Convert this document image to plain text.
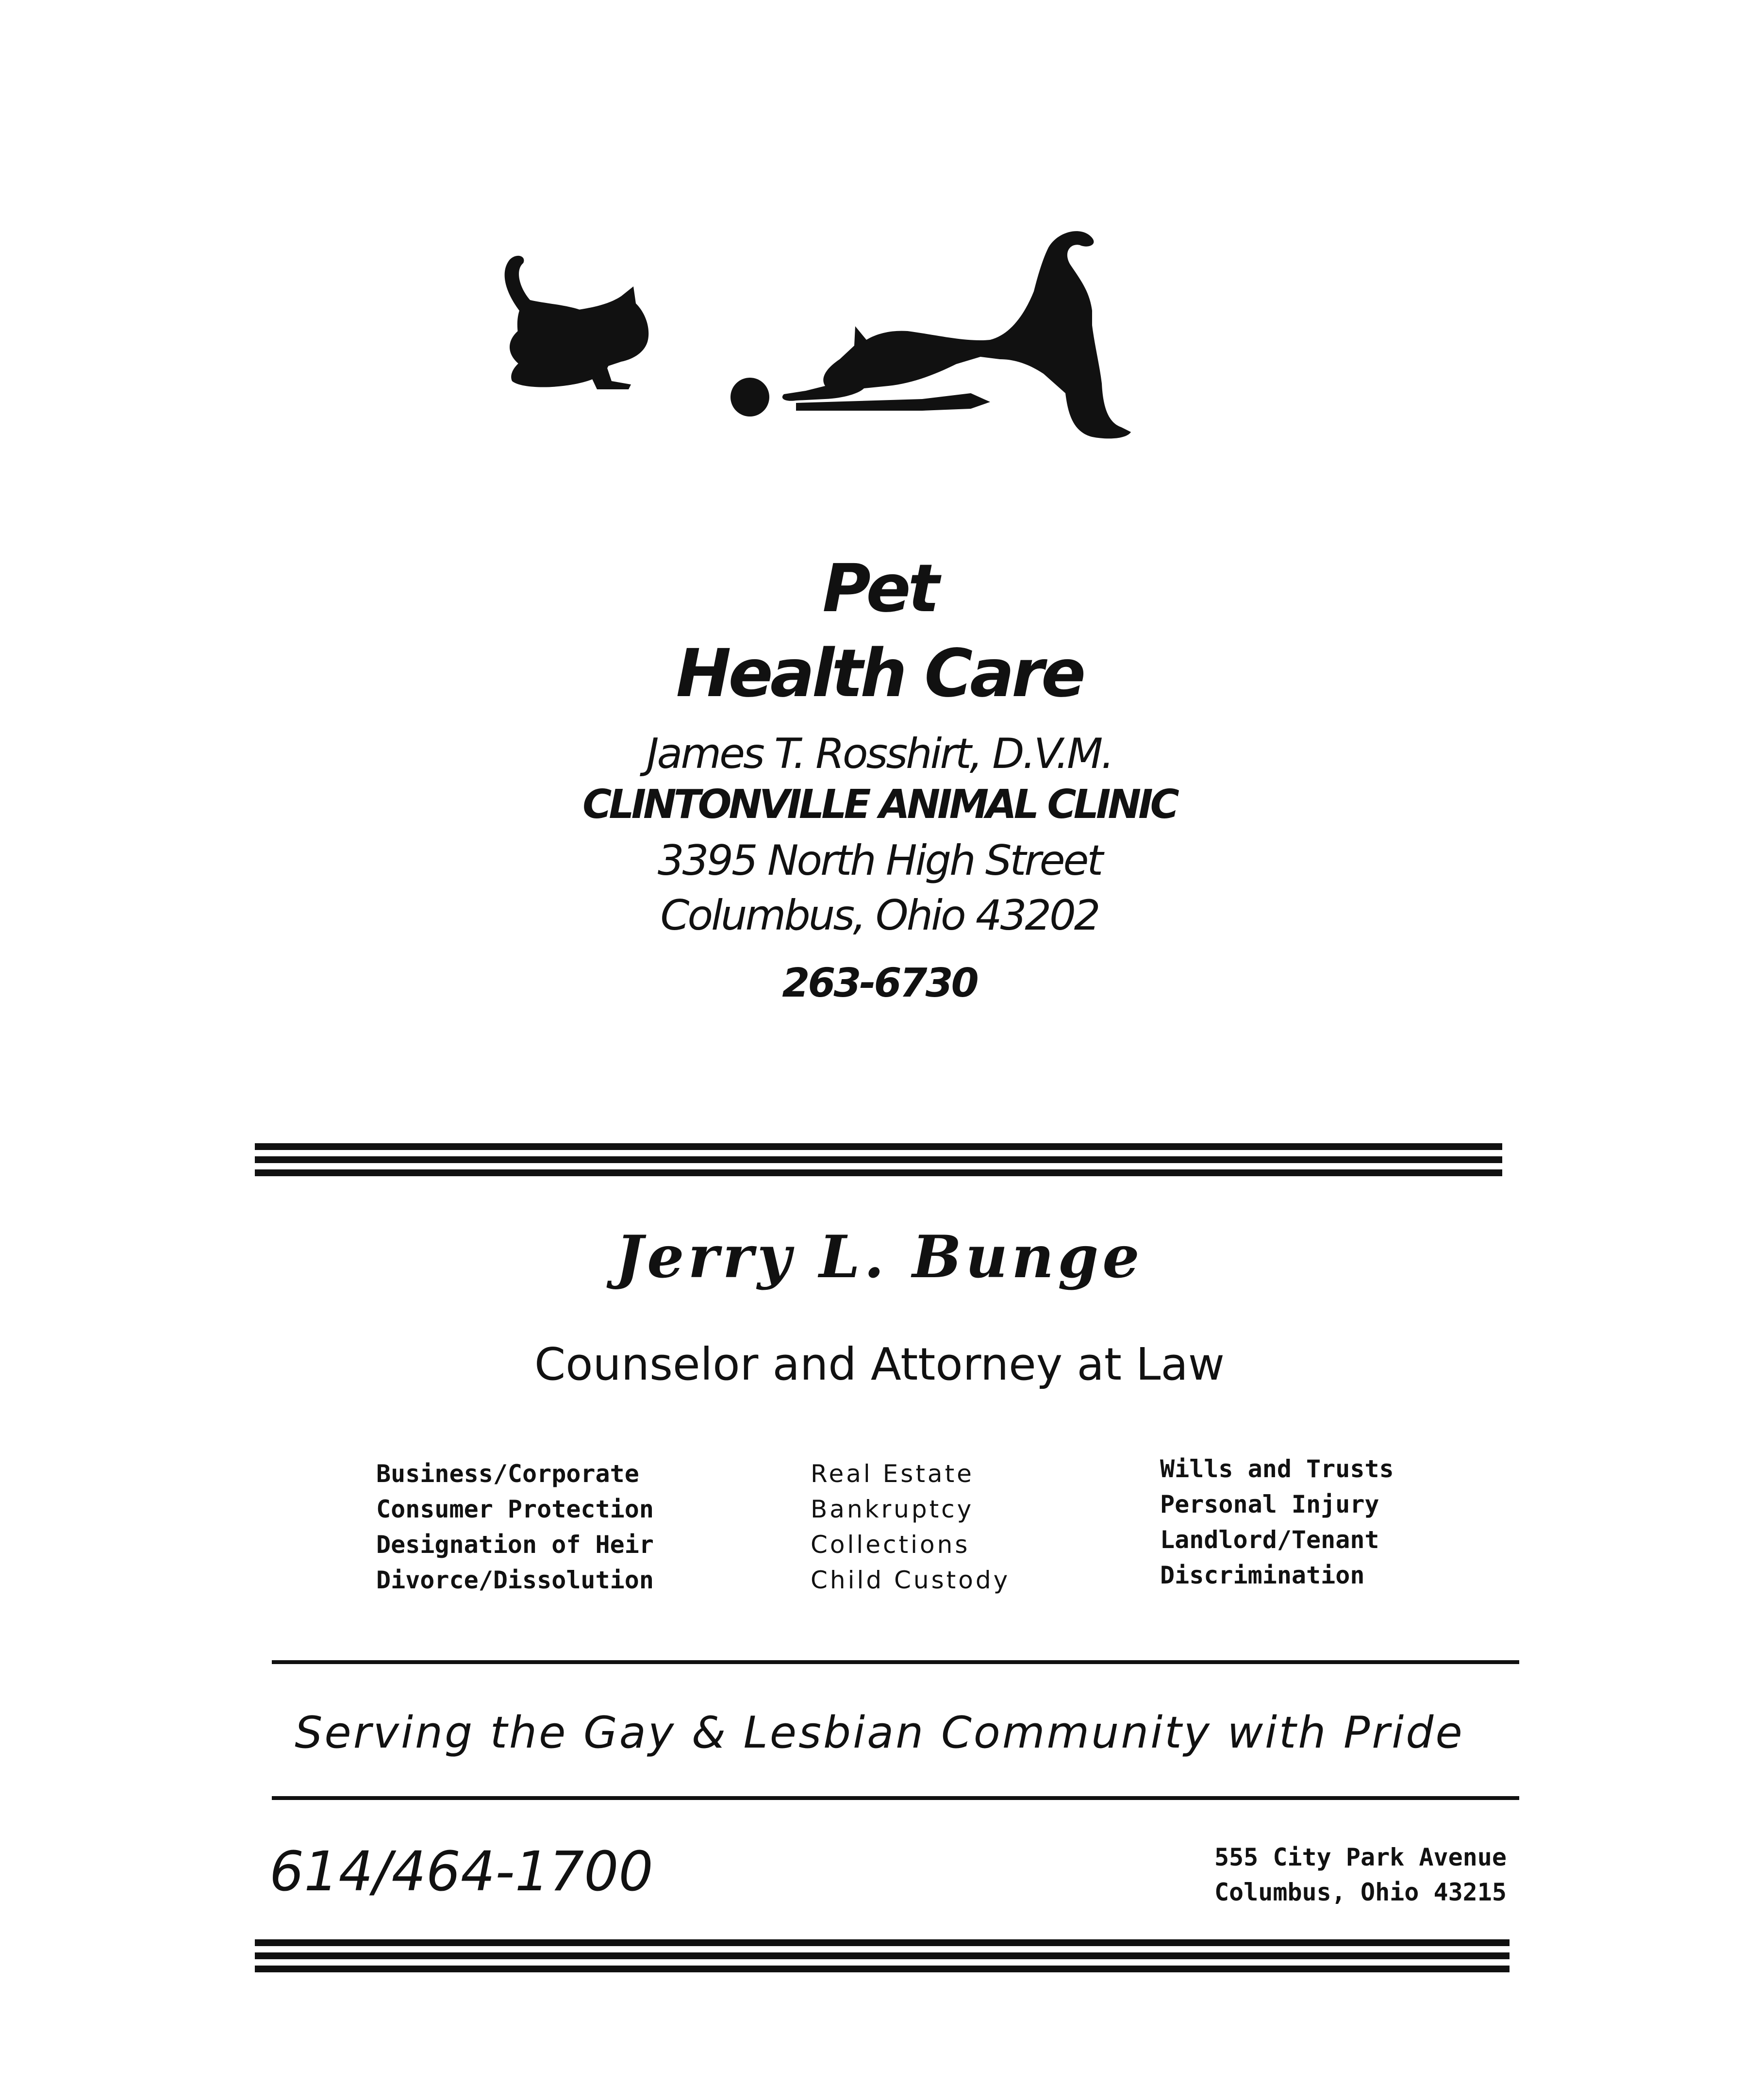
Pet
Health Care
James T. Rosshirt, D.V.M.
CLINTONVILLE ANIMAL CLINIC
3395 North High Street
Columbus, Ohio 43202
263-6730
Jerry L. Bunge
Counselor and Attorney at Law
Business/Corporate
Consumer Protection
Designation of Heir
Divorce/Dissolution
Real Estate
Bankruptcy
Collections
Child Custody
Wills and Trusts
Personal Injury
Landlord/Tenant
Discrimination
Serving the Gay & Lesbian Community with Pride
614/464-1700	555 City Park Avenue
Columbus, Ohio 43215
